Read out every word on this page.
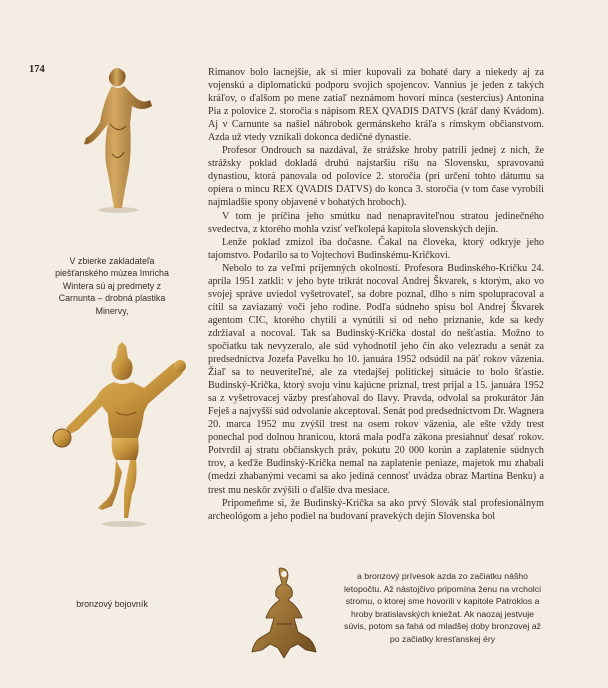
174
V zbierke zakladateľa piešťanského múzea Imricha Wintera sú aj predmety z Carnunta – drobná plastika Minervy,
bronzový bojovník
a bronzový prívesok azda zo začiatku nášho letopočtu. Až nástojčivo pripomína ženu na vrcholci stromu, o ktorej sme hovorili v kapitole Patroklos a hroby bratislavských kniežat. Ak naozaj jestvuje súvis, potom sa fahá od mladšej doby bronzovej až po začiatky kresťanskej éry

Rimanov bolo lacnejšie, ak si mier kupovali za bohaté dary a niekedy aj za vojenskú a diplomatickú podporu svojich spojencov. Vannius je jeden z takých kráľov, o ďalšom po mene zatiaľ neznámom hovorí minca (sestercius) Antonina Pia z polovice 2. storočia s nápisom REX QVADIS DATVS (kráľ daný Kvádom). Aj v Carnunte sa našiel náhrobok germánskeho kráľa s rímskym občianstvom. Azda už vtedy vznikali dokonca dedičné dynastie.

Profesor Ondrouch sa nazdával, že strážske hroby patrili jednej z nich, že strážsky poklad dokladá druhú najstaršiu ríšu na Slovensku, spravovanú dynastiou, ktorá panovala od polovice 2. storočia (pri určení tohto dátumu sa opiera o mincu REX QVADIS DATVS) do konca 3. storočia (v tom čase vyrobili najmladšie spony objavené v bohatých hroboch).

V tom je príčina jeho smútku nad nenapraviteľnou stratou jedinečného svedectva, z ktorého mohla vzísť veľkolepá kapitola slovenských dejín.

Lenže poklad zmizol iba dočasne. Čakal na človeka, ktorý odkryje jeho tajomstvo. Podarilo sa to Vojtechovi Budinskému-Kričkovi.

Nebolo to za veľmi príjemných okolností. Profesora Budinského-Kričku 24. apríla 1951 zatkli: v jeho byte trikrát nocoval Andrej Škvarek, s ktorým, ako vo svojej správe uviedol vyšetrovateľ, sa dobre poznal, dlho s ním spolupracoval a cítil sa zaviazaný voči jeho rodine. Podľa súdneho spisu bol Andrej Škvarek agentom CIC, ktorého chytili a vynútili si od neho priznanie, kde sa kedy zdržiaval a nocoval. Tak sa Budinský-Krička dostal do nešťastia. Možno to spočiatku tak nevyzeralo, ale súd vyhodnotil jeho čin ako velezradu a senát za predsedníctva Jozefa Pavelku ho 10. januára 1952 odsúdil na päť rokov väzenia. Žiaľ sa to neuveriteľné, ale za vtedajšej politickej situácie to bolo šťastie. Budinský-Krička, ktorý svoju vinu kajúcne priznal, trest prijal a 15. januára 1952 sa z vyšetrovacej väzby presťahoval do Ilavy. Pravda, odvolal sa prokurátor Ján Feješ a najvyšší súd odvolanie akceptoval. Senát pod predsedníctvom Dr. Wagnera 20. marca 1952 mu zvýšil trest na osem rokov väzenia, ale ešte vždy trest ponechal pod dolnou hranicou, ktorá mala podľa zákona presiahnuť desať rokov. Potvrdil aj stratu občianskych práv, pokutu 20 000 korún a zaplatenie súdnych trov, a keďže Budinský-Krička nemal na zaplatenie peniaze, majetok mu zhabali (medzi zhabanými vecami sa ako jediná cennosť uvádza obraz Martina Benku) a trest mu neskôr zvýšili o ďalšie dva mesiace.

Pripomeňme si, že Budinský-Krička sa ako prvý Slovák stal profesionálnym archeológom a jeho podiel na budovaní pravekých dejín Slovenska bol
